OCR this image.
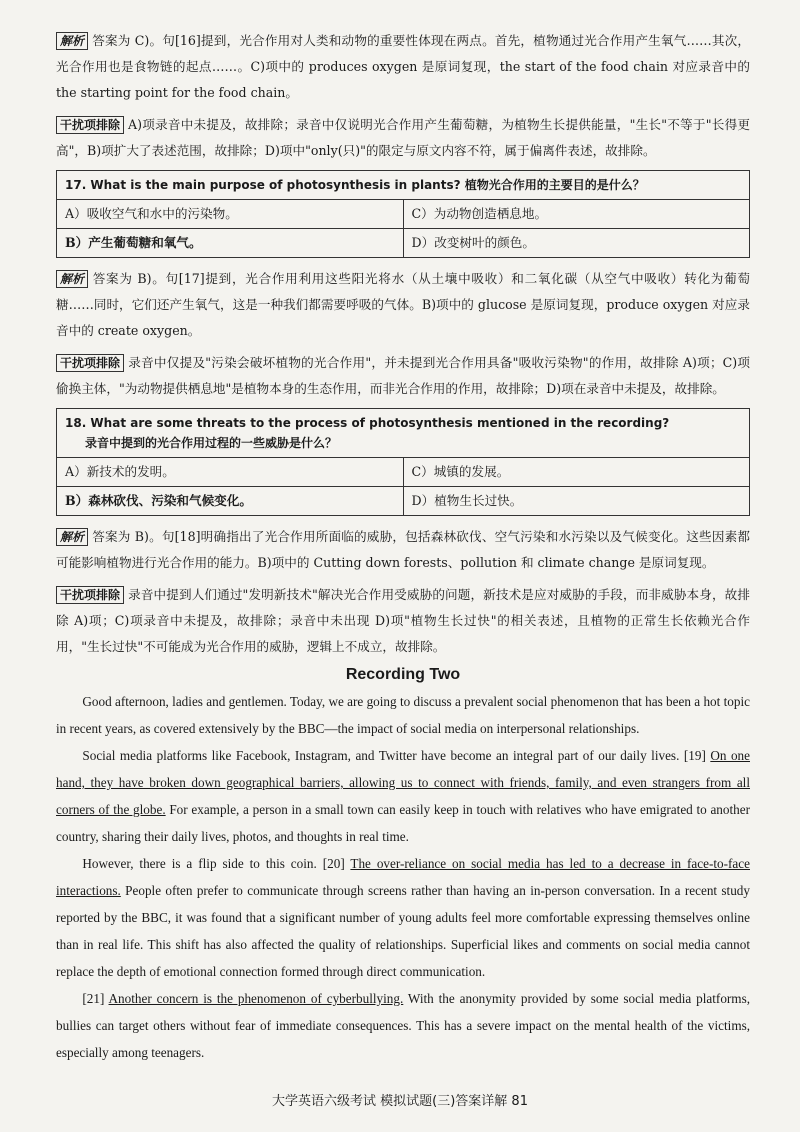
解析 答案为 C)。句[16]提到，光合作用对人类和动物的重要性体现在两点。首先，植物通过光合作用产生氧气……其次，光合作用也是食物链的起点……。C)项中的 produces oxygen 是原词复现，the start of the food chain 对应录音中的 the starting point for the food chain。

干扰项排除 A)项录音中未提及，故排除；录音中仅说明光合作用产生葡萄糖，为植物生长提供能量，"生长"不等于"长得更高"，B)项扩大了表述范围，故排除；D)项中"only(只)"的限定与原文内容不符，属于偏离件表述，故排除。

17. What is the main purpose of photosynthesis in plants? 植物光合作用的主要目的是什么？	
A）吸收空气和水中的污染物。	C）为动物创造栖息地。
B）产生葡萄糖和氧气。	D）改变树叶的颜色。

解析 答案为 B)。句[17]提到，光合作用利用这些阳光将水（从土壤中吸收）和二氧化碳（从空气中吸收）转化为葡萄糖……同时，它们还产生氧气，这是一种我们都需要呼吸的气体。B)项中的 glucose 是原词复现，produce oxygen 对应录音中的 create oxygen。

干扰项排除 录音中仅提及"污染会破坏植物的光合作用"，并未提到光合作用具备"吸收污染物"的作用，故排除 A)项；C)项偷换主体，"为动物提供栖息地"是植物本身的生态作用，而非光合作用的作用，故排除；D)项在录音中未提及，故排除。

18. What are some threats to the process of photosynthesis mentioned in the recording?
录音中提到的光合作用过程的一些威胁是什么？	

A）新技术的发明。	C）城镇的发展。
B）森林砍伐、污染和气候变化。	D）植物生长过快。

解析 答案为 B)。句[18]明确指出了光合作用所面临的威胁，包括森林砍伐、空气污染和水污染以及气候变化。这些因素都可能影响植物进行光合作用的能力。B)项中的 Cutting down forests、pollution 和 climate change 是原词复现。

干扰项排除 录音中提到人们通过"发明新技术"解决光合作用受威胁的问题，新技术是应对威胁的手段，而非威胁本身，故排除 A)项；C)项录音中未提及，故排除；录音中未出现 D)项"植物生长过快"的相关表述，且植物的正常生长依赖光合作用，"生长过快"不可能成为光合作用的威胁，逻辑上不成立，故排除。

Recording Two

Good afternoon, ladies and gentlemen. Today, we are going to discuss a prevalent social phenomenon that has been a hot topic in recent years, as covered extensively by the BBC—the impact of social media on interpersonal relationships.

Social media platforms like Facebook, Instagram, and Twitter have become an integral part of our daily lives. [19] On one hand, they have broken down geographical barriers, allowing us to connect with friends, family, and even strangers from all corners of the globe. For example, a person in a small town can easily keep in touch with relatives who have emigrated to another country, sharing their daily lives, photos, and thoughts in real time.

However, there is a flip side to this coin. [20] The over-reliance on social media has led to a decrease in face-to-face interactions. People often prefer to communicate through screens rather than having an in-person conversation. In a recent study reported by the BBC, it was found that a significant number of young adults feel more comfortable expressing themselves online than in real life. This shift has also affected the quality of relationships. Superficial likes and comments on social media cannot replace the depth of emotional connection formed through direct communication.

[21] Another concern is the phenomenon of cyberbullying. With the anonymity provided by some social media platforms, bullies can target others without fear of immediate consequences. This has a severe impact on the mental health of the victims, especially among teenagers.

大学英语六级考试 模拟试题(三)答案详解 81
